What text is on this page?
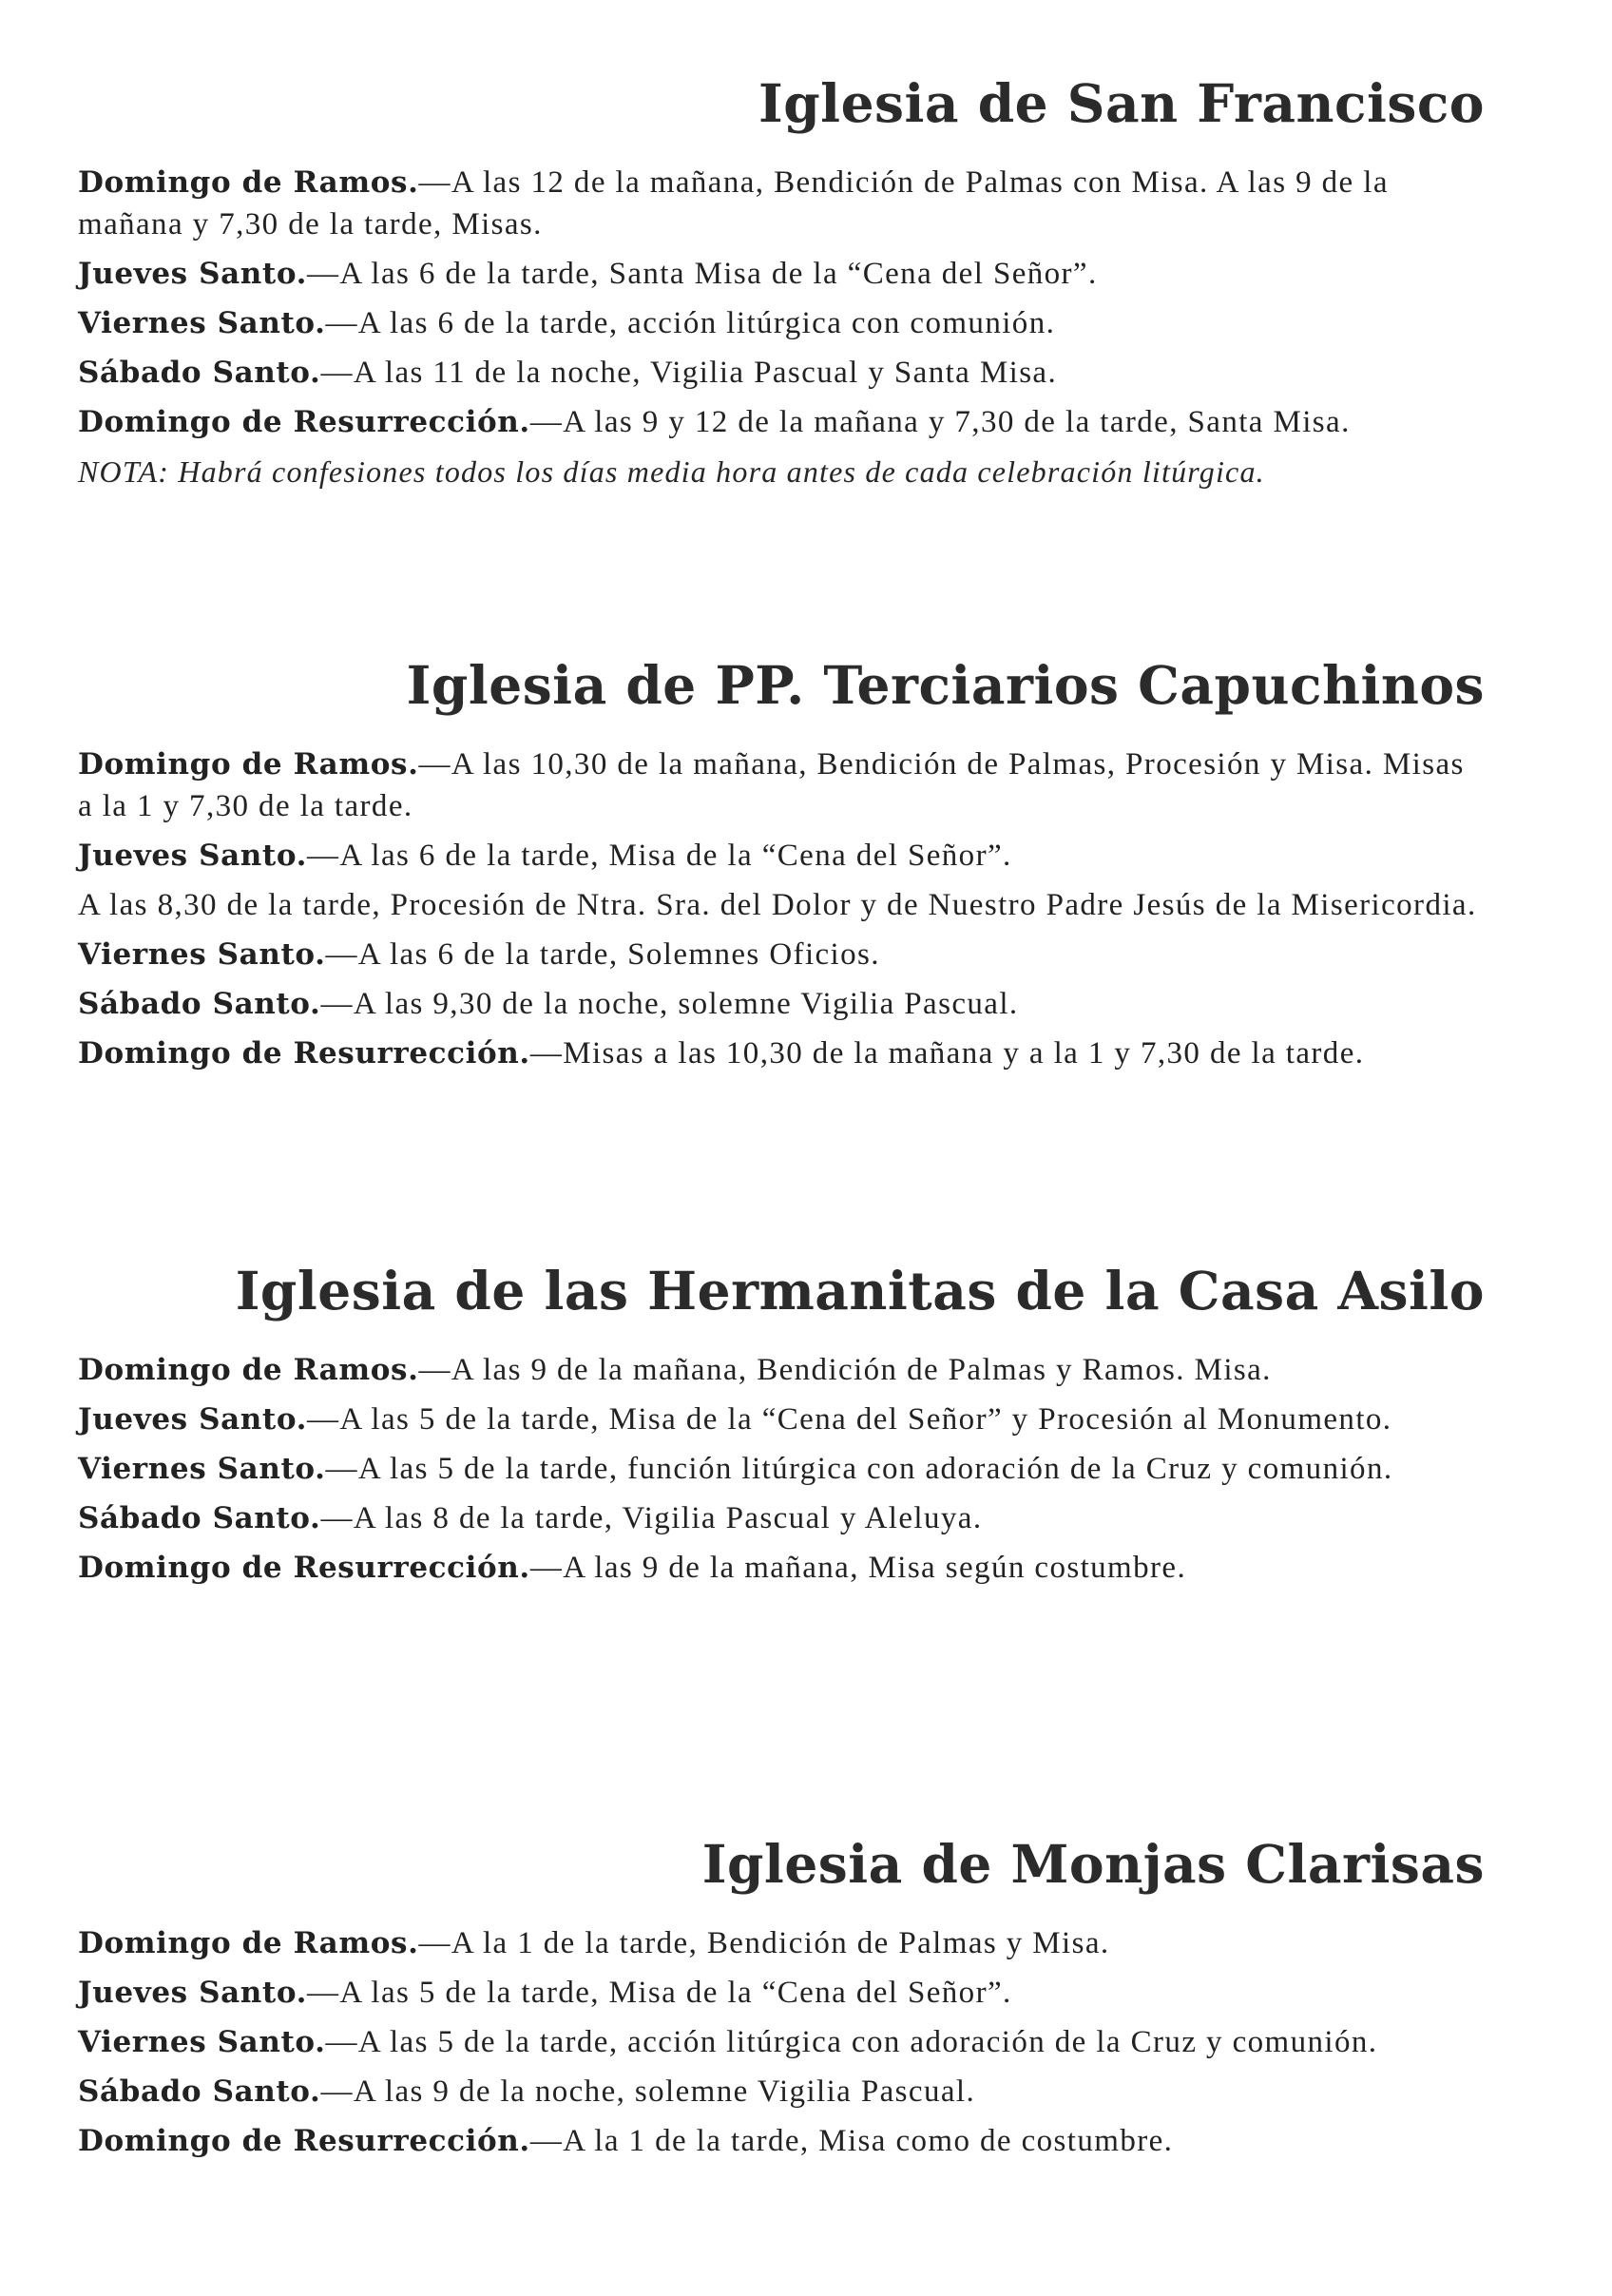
Iglesia de San Francisco

Domingo de Ramos.—A las 12 de la mañana, Bendición de Palmas con Misa. A las 9 de la mañana y 7,30 de la tarde, Misas.

Jueves Santo.—A las 6 de la tarde, Santa Misa de la “Cena del Señor”.

Viernes Santo.—A las 6 de la tarde, acción litúrgica con comunión.

Sábado Santo.—A las 11 de la noche, Vigilia Pascual y Santa Misa.

Domingo de Resurrección.—A las 9 y 12 de la mañana y 7,30 de la tarde, Santa Misa.

NOTA: Habrá confesiones todos los días media hora antes de cada celebración litúrgica.

Iglesia de PP. Terciarios Capuchinos

Domingo de Ramos.—A las 10,30 de la mañana, Bendición de Palmas, Procesión y Misa. Misas a la 1 y 7,30 de la tarde.

Jueves Santo.—A las 6 de la tarde, Misa de la “Cena del Señor”.

A las 8,30 de la tarde, Procesión de Ntra. Sra. del Dolor y de Nuestro Padre Jesús de la Misericordia.

Viernes Santo.—A las 6 de la tarde, Solemnes Oficios.

Sábado Santo.—A las 9,30 de la noche, solemne Vigilia Pascual.

Domingo de Resurrección.—Misas a las 10,30 de la mañana y a la 1 y 7,30 de la tarde.

Iglesia de las Hermanitas de la Casa Asilo

Domingo de Ramos.—A las 9 de la mañana, Bendición de Palmas y Ramos. Misa.

Jueves Santo.—A las 5 de la tarde, Misa de la “Cena del Señor” y Procesión al Monumento.

Viernes Santo.—A las 5 de la tarde, función litúrgica con adoración de la Cruz y comunión.

Sábado Santo.—A las 8 de la tarde, Vigilia Pascual y Aleluya.

Domingo de Resurrección.—A las 9 de la mañana, Misa según costumbre.

Iglesia de Monjas Clarisas

Domingo de Ramos.—A la 1 de la tarde, Bendición de Palmas y Misa.

Jueves Santo.—A las 5 de la tarde, Misa de la “Cena del Señor”.

Viernes Santo.—A las 5 de la tarde, acción litúrgica con adoración de la Cruz y comunión.

Sábado Santo.—A las 9 de la noche, solemne Vigilia Pascual.

Domingo de Resurrección.—A la 1 de la tarde, Misa como de costumbre.
